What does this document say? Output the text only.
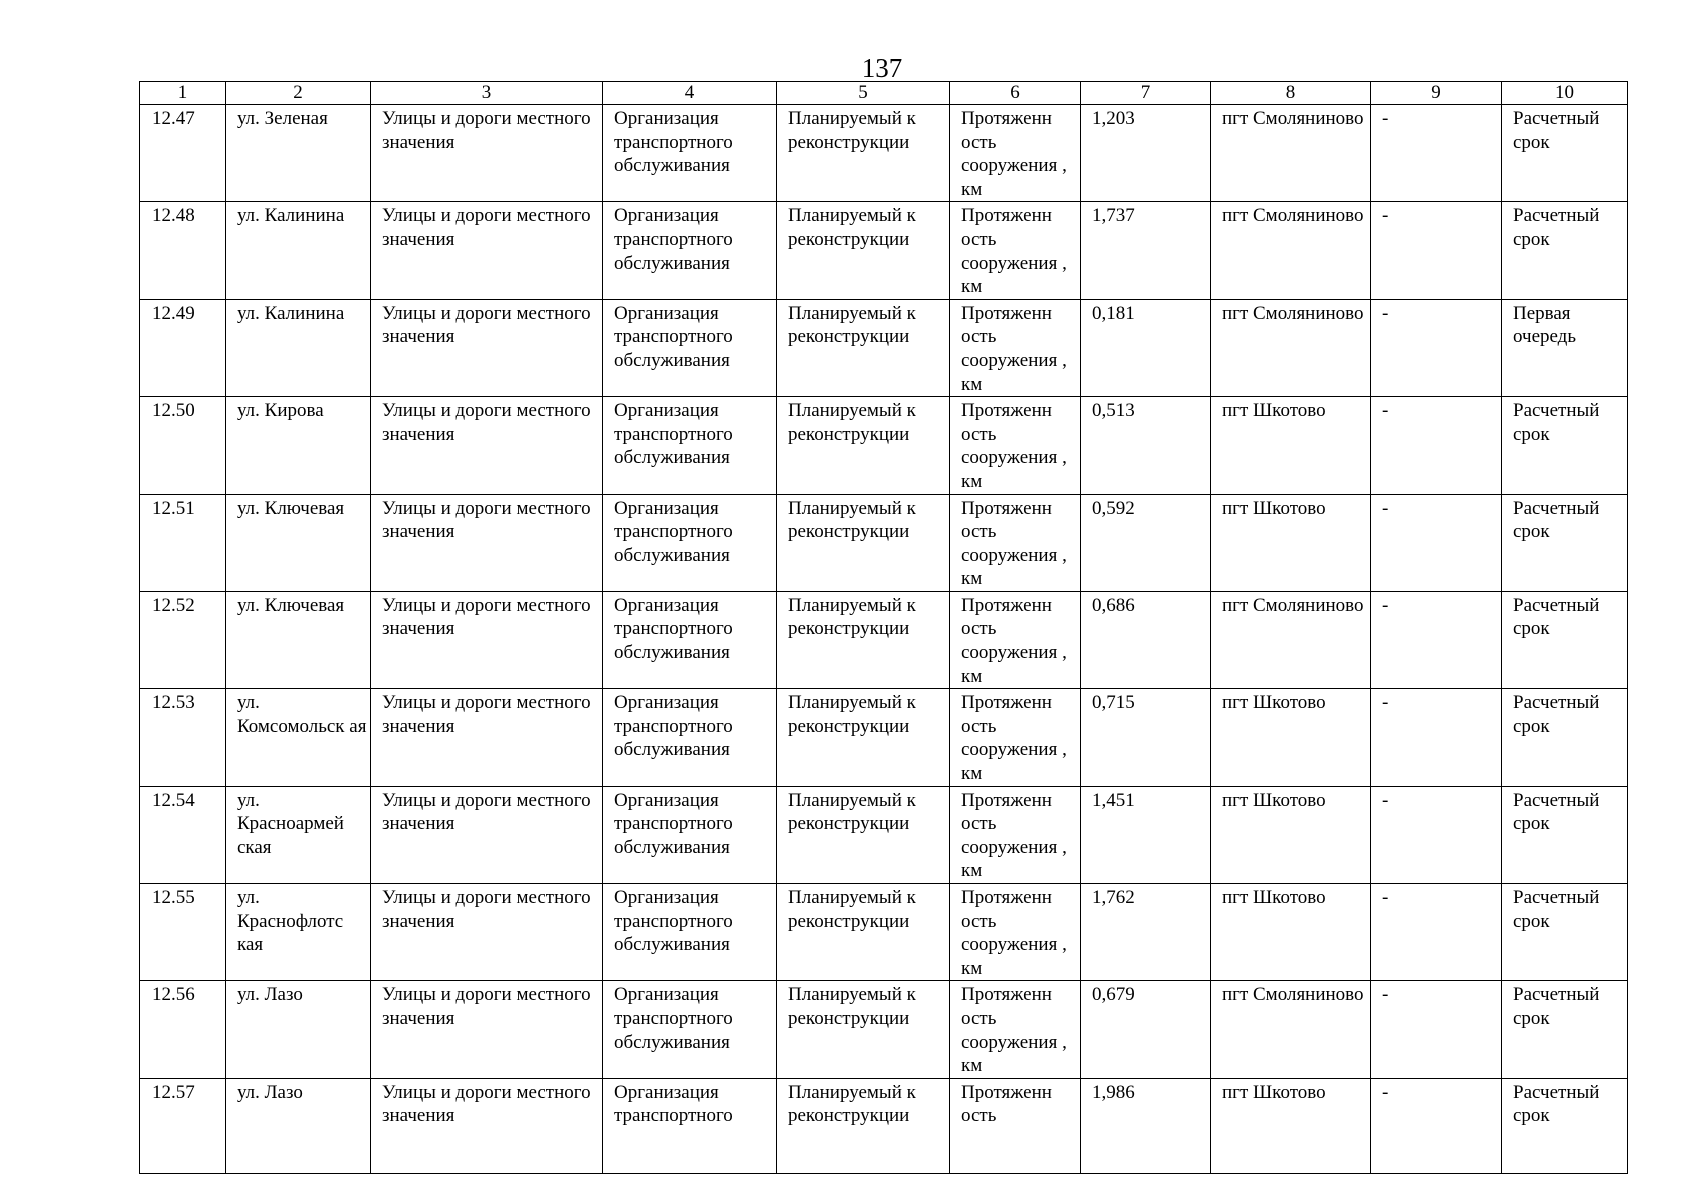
137
1	2	3	4	5	6	7	8	9	10
12.47	ул. Зеленая	Улицы и дороги местного значения	Организация транспортного обслуживания	Планируемый к реконструкции	Протяженн ость сооружения , км	1,203	пгт Смоляниново	-	Расчетный срок
12.48	ул. Калинина	Улицы и дороги местного значения	Организация транспортного обслуживания	Планируемый к реконструкции	Протяженн ость сооружения , км	1,737	пгт Смоляниново	-	Расчетный срок
12.49	ул. Калинина	Улицы и дороги местного значения	Организация транспортного обслуживания	Планируемый к реконструкции	Протяженн ость сооружения , км	0,181	пгт Смоляниново	-	Первая очередь
12.50	ул. Кирова	Улицы и дороги местного значения	Организация транспортного обслуживания	Планируемый к реконструкции	Протяженн ость сооружения , км	0,513	пгт Шкотово	-	Расчетный срок
12.51	ул. Ключевая	Улицы и дороги местного значения	Организация транспортного обслуживания	Планируемый к реконструкции	Протяженн ость сооружения , км	0,592	пгт Шкотово	-	Расчетный срок
12.52	ул. Ключевая	Улицы и дороги местного значения	Организация транспортного обслуживания	Планируемый к реконструкции	Протяженн ость сооружения , км	0,686	пгт Смоляниново	-	Расчетный срок
12.53	ул. Комсомольск ая	Улицы и дороги местного значения	Организация транспортного обслуживания	Планируемый к реконструкции	Протяженн ость сооружения , км	0,715	пгт Шкотово	-	Расчетный срок
12.54	ул. Красноармей ская	Улицы и дороги местного значения	Организация транспортного обслуживания	Планируемый к реконструкции	Протяженн ость сооружения , км	1,451	пгт Шкотово	-	Расчетный срок
12.55	ул. Краснофлотс кая	Улицы и дороги местного значения	Организация транспортного обслуживания	Планируемый к реконструкции	Протяженн ость сооружения , км	1,762	пгт Шкотово	-	Расчетный срок
12.56	ул. Лазо	Улицы и дороги местного значения	Организация транспортного обслуживания	Планируемый к реконструкции	Протяженн ость сооружения , км	0,679	пгт Смоляниново	-	Расчетный срок
12.57	ул. Лазо	Улицы и дороги местного значения	Организация транспортного	Планируемый к реконструкции	Протяженн ость	1,986	пгт Шкотово	-	Расчетный срок
